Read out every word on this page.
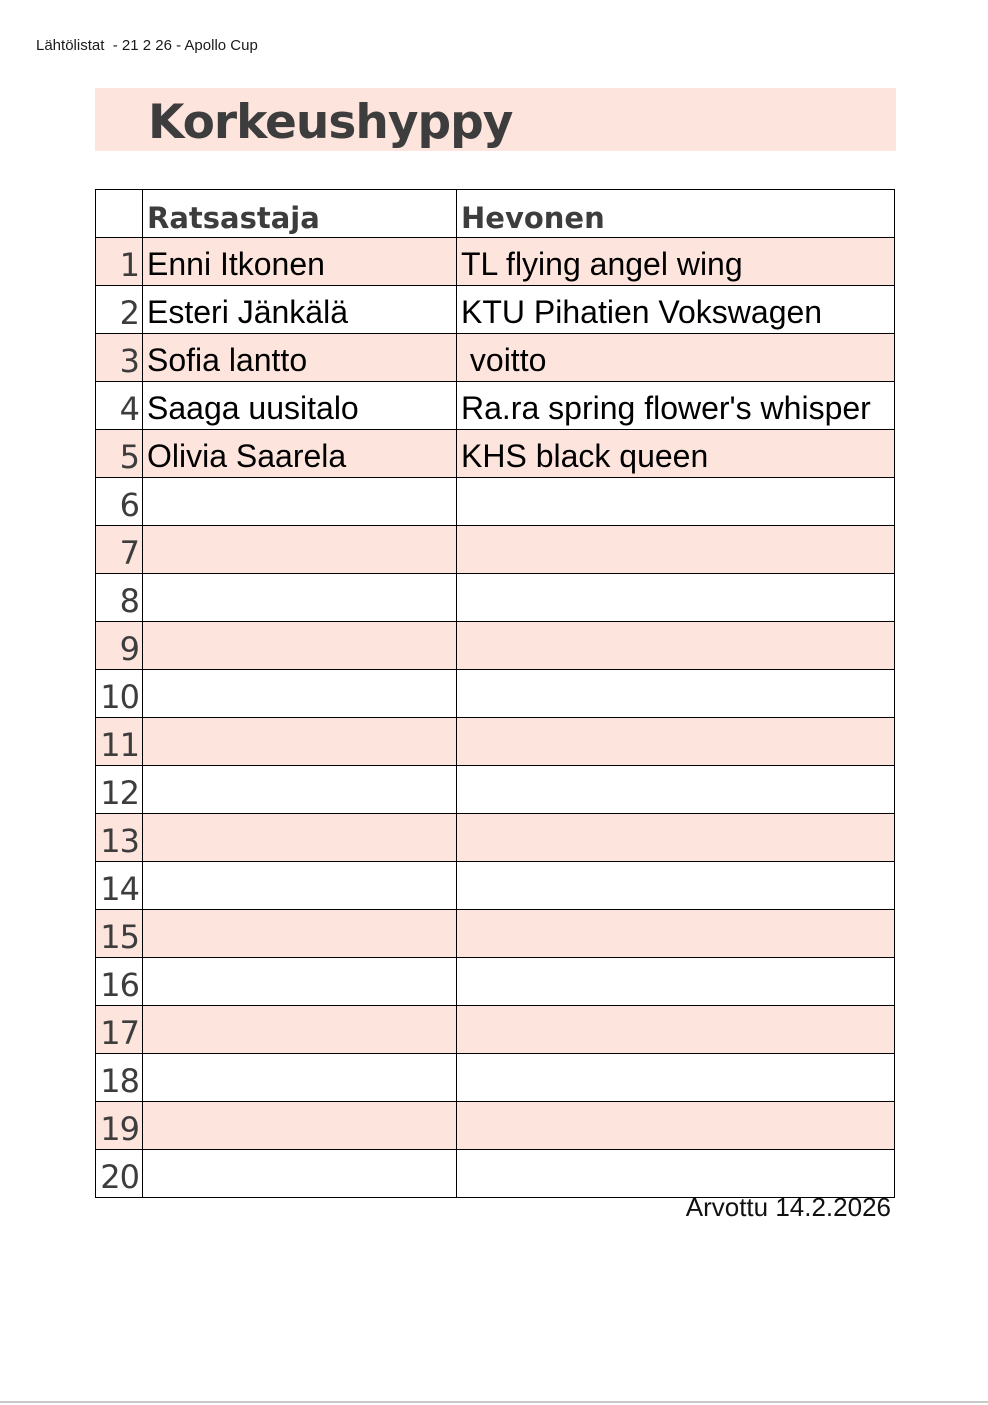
Lähtölistat  - 21 2 26 - Apollo Cup
Korkeushyppy
	Ratsastaja	Hevonen
1	Enni Itkonen	TL flying angel wing
2	Esteri Jänkälä	KTU Pihatien Vokswagen
3	Sofia lantto	voitto
4	Saaga uusitalo	Ra.ra spring flower's whisper
5	Olivia Saarela	KHS black queen
6		
7		
8		
9		
10		
11		
12		
13		
14		
15		
16		
17		
18		
19		
20		
Arvottu 14.2.2026
